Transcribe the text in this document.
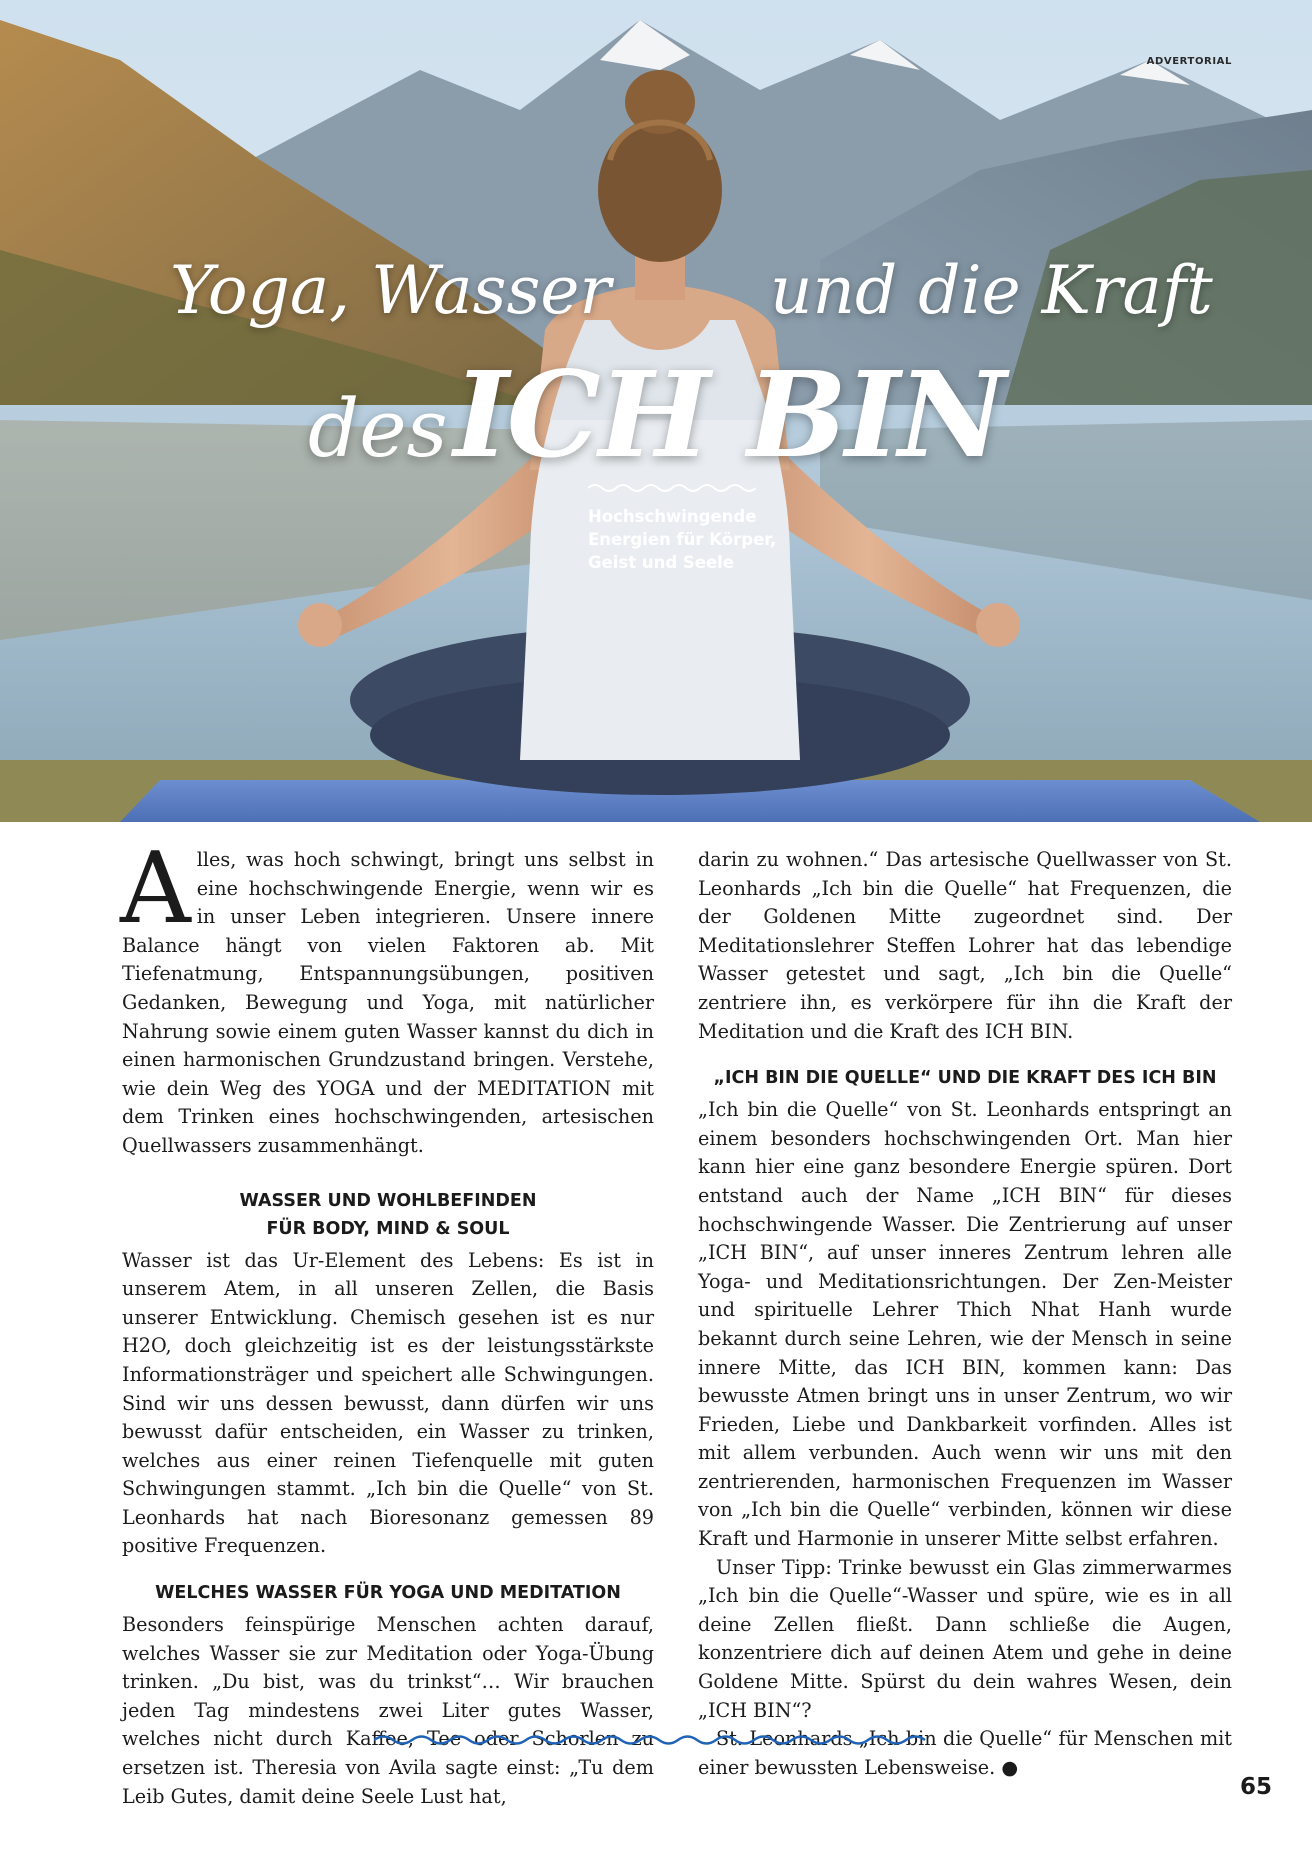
ADVERTORIAL
Yoga, Wasser und die Kraft
desICH BIN
Hochschwingende
Energien für Körper,
Geist und Seele

Alles, was hoch schwingt, bringt uns selbst in eine hochschwingende Energie, wenn wir es in unser Leben integrieren. Unsere innere Balance hängt von vielen Faktoren ab. Mit Tiefenatmung, Entspannungsübungen, positiven Gedanken, Bewegung und Yoga, mit natürlicher Nahrung sowie einem guten Wasser kannst du dich in einen harmonischen Grundzustand bringen. Verstehe, wie dein Weg des YOGA und der MEDITATION mit dem Trinken eines hochschwingenden, artesischen Quellwassers zusammenhängt.

WASSER UND WOHLBEFINDEN
FÜR BODY, MIND & SOUL

Wasser ist das Ur-Element des Lebens: Es ist in unserem Atem, in all unseren Zellen, die Basis unserer Entwicklung. Chemisch gesehen ist es nur H2O, doch gleichzeitig ist es der leistungsstärkste Informationsträger und speichert alle Schwingungen. Sind wir uns dessen bewusst, dann dürfen wir uns bewusst dafür entscheiden, ein Wasser zu trinken, welches aus einer reinen Tiefenquelle mit guten Schwingungen stammt. „Ich bin die Quelle“ von St. Leonhards hat nach Bioresonanz gemessen 89 positive Frequenzen.

WELCHES WASSER FÜR YOGA UND MEDITATION

Besonders feinspürige Menschen achten darauf, welches Wasser sie zur Meditation oder Yoga-Übung trinken. „Du bist, was du trinkst“… Wir brauchen jeden Tag mindestens zwei Liter gutes Wasser, welches nicht durch Kaffee, Tee oder Schorlen zu ersetzen ist. Theresia von Avila sagte einst: „Tu dem Leib Gutes, damit deine Seele Lust hat,

darin zu wohnen.“ Das artesische Quellwasser von St. Leonhards „Ich bin die Quelle“ hat Frequenzen, die der Goldenen Mitte zugeordnet sind. Der Meditationslehrer Steffen Lohrer hat das lebendige Wasser getestet und sagt, „Ich bin die Quelle“ zentriere ihn, es verkörpere für ihn die Kraft der Meditation und die Kraft des ICH BIN.

„ICH BIN DIE QUELLE“ UND DIE KRAFT DES ICH BIN

„Ich bin die Quelle“ von St. Leonhards entspringt an einem besonders hochschwingenden Ort. Man hier kann hier eine ganz besondere Energie spüren. Dort entstand auch der Name „ICH BIN“ für dieses hochschwingende Wasser. Die Zentrierung auf unser „ICH BIN“, auf unser inneres Zentrum lehren alle Yoga- und Meditationsrichtungen. Der Zen-Meister und spirituelle Lehrer Thich Nhat Hanh wurde bekannt durch seine Lehren, wie der Mensch in seine innere Mitte, das ICH BIN, kommen kann: Das bewusste Atmen bringt uns in unser Zentrum, wo wir Frieden, Liebe und Dankbarkeit vorfinden. Alles ist mit allem verbunden. Auch wenn wir uns mit den zentrierenden, harmonischen Frequenzen im Wasser von „Ich bin die Quelle“ verbinden, können wir diese Kraft und Harmonie in unserer Mitte selbst erfahren.

Unser Tipp: Trinke bewusst ein Glas zimmerwarmes „Ich bin die Quelle“-Wasser und spüre, wie es in all deine Zellen fließt. Dann schließe die Augen, konzentriere dich auf deinen Atem und gehe in deine Goldene Mitte. Spürst du dein wahres Wesen, dein „ICH BIN“?

St. Leonhards „Ich bin die Quelle“ für Menschen mit einer bewussten Lebensweise. ●

65
